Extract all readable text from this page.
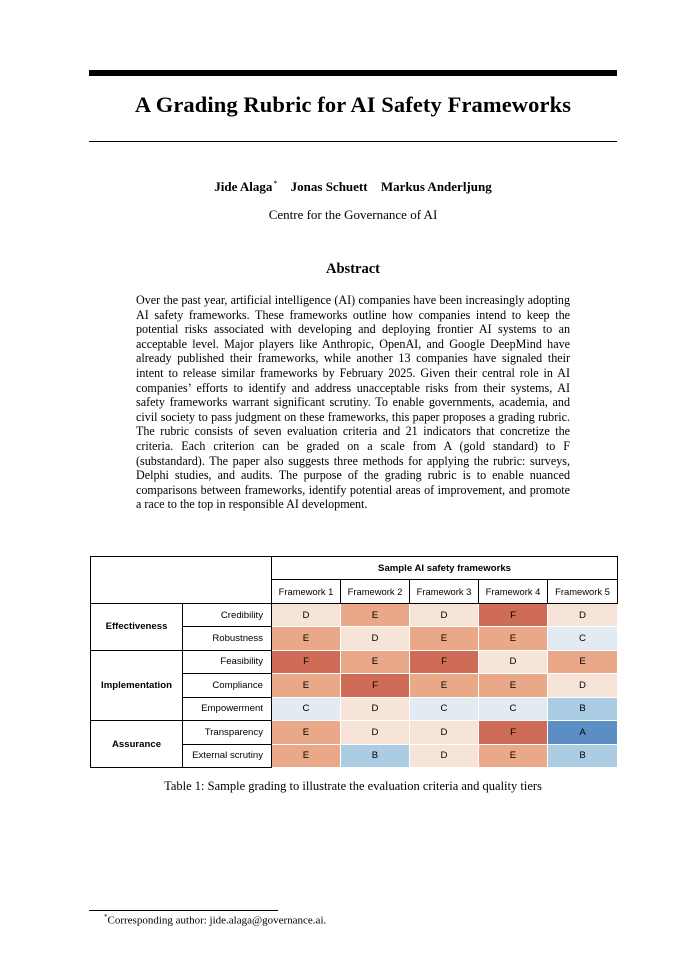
A Grading Rubric for AI Safety Frameworks
Jide Alaga* Jonas Schuett Markus Anderljung
Centre for the Governance of AI
Abstract
Over the past year, artificial intelligence (AI) companies have been increasingly adopting AI safety frameworks. These frameworks outline how companies intend to keep the potential risks associated with developing and deploying frontier AI systems to an acceptable level. Major players like Anthropic, OpenAI, and Google DeepMind have already published their frameworks, while another 13 companies have signaled their intent to release similar frameworks by February 2025. Given their central role in AI companies’ efforts to identify and address unacceptable risks from their systems, AI safety frameworks warrant significant scrutiny. To enable governments, academia, and civil society to pass judgment on these frameworks, this paper proposes a grading rubric. The rubric consists of seven evaluation criteria and 21 indicators that concretize the criteria. Each criterion can be graded on a scale from A (gold standard) to F (substandard). The paper also suggests three methods for applying the rubric: surveys, Delphi studies, and audits. The purpose of the grading rubric is to enable nuanced comparisons between frameworks, identify potential areas of improvement, and promote a race to the top in responsible AI development.
		Sample AI safety frameworks				
		Framework 1	Framework 2	Framework 3	Framework 4	Framework 5
Effectiveness	Credibility	D	E	D	F	D
	Robustness	E	D	E	E	C
Implementation	Feasibility	F	E	F	D	E
	Compliance	E	F	E	E	D
	Empowerment	C	D	C	C	B
Assurance	Transparency	E	D	D	F	A
	External scrutiny	E	B	D	E	B
Table 1: Sample grading to illustrate the evaluation criteria and quality tiers
*Corresponding author: jide.alaga@governance.ai.
